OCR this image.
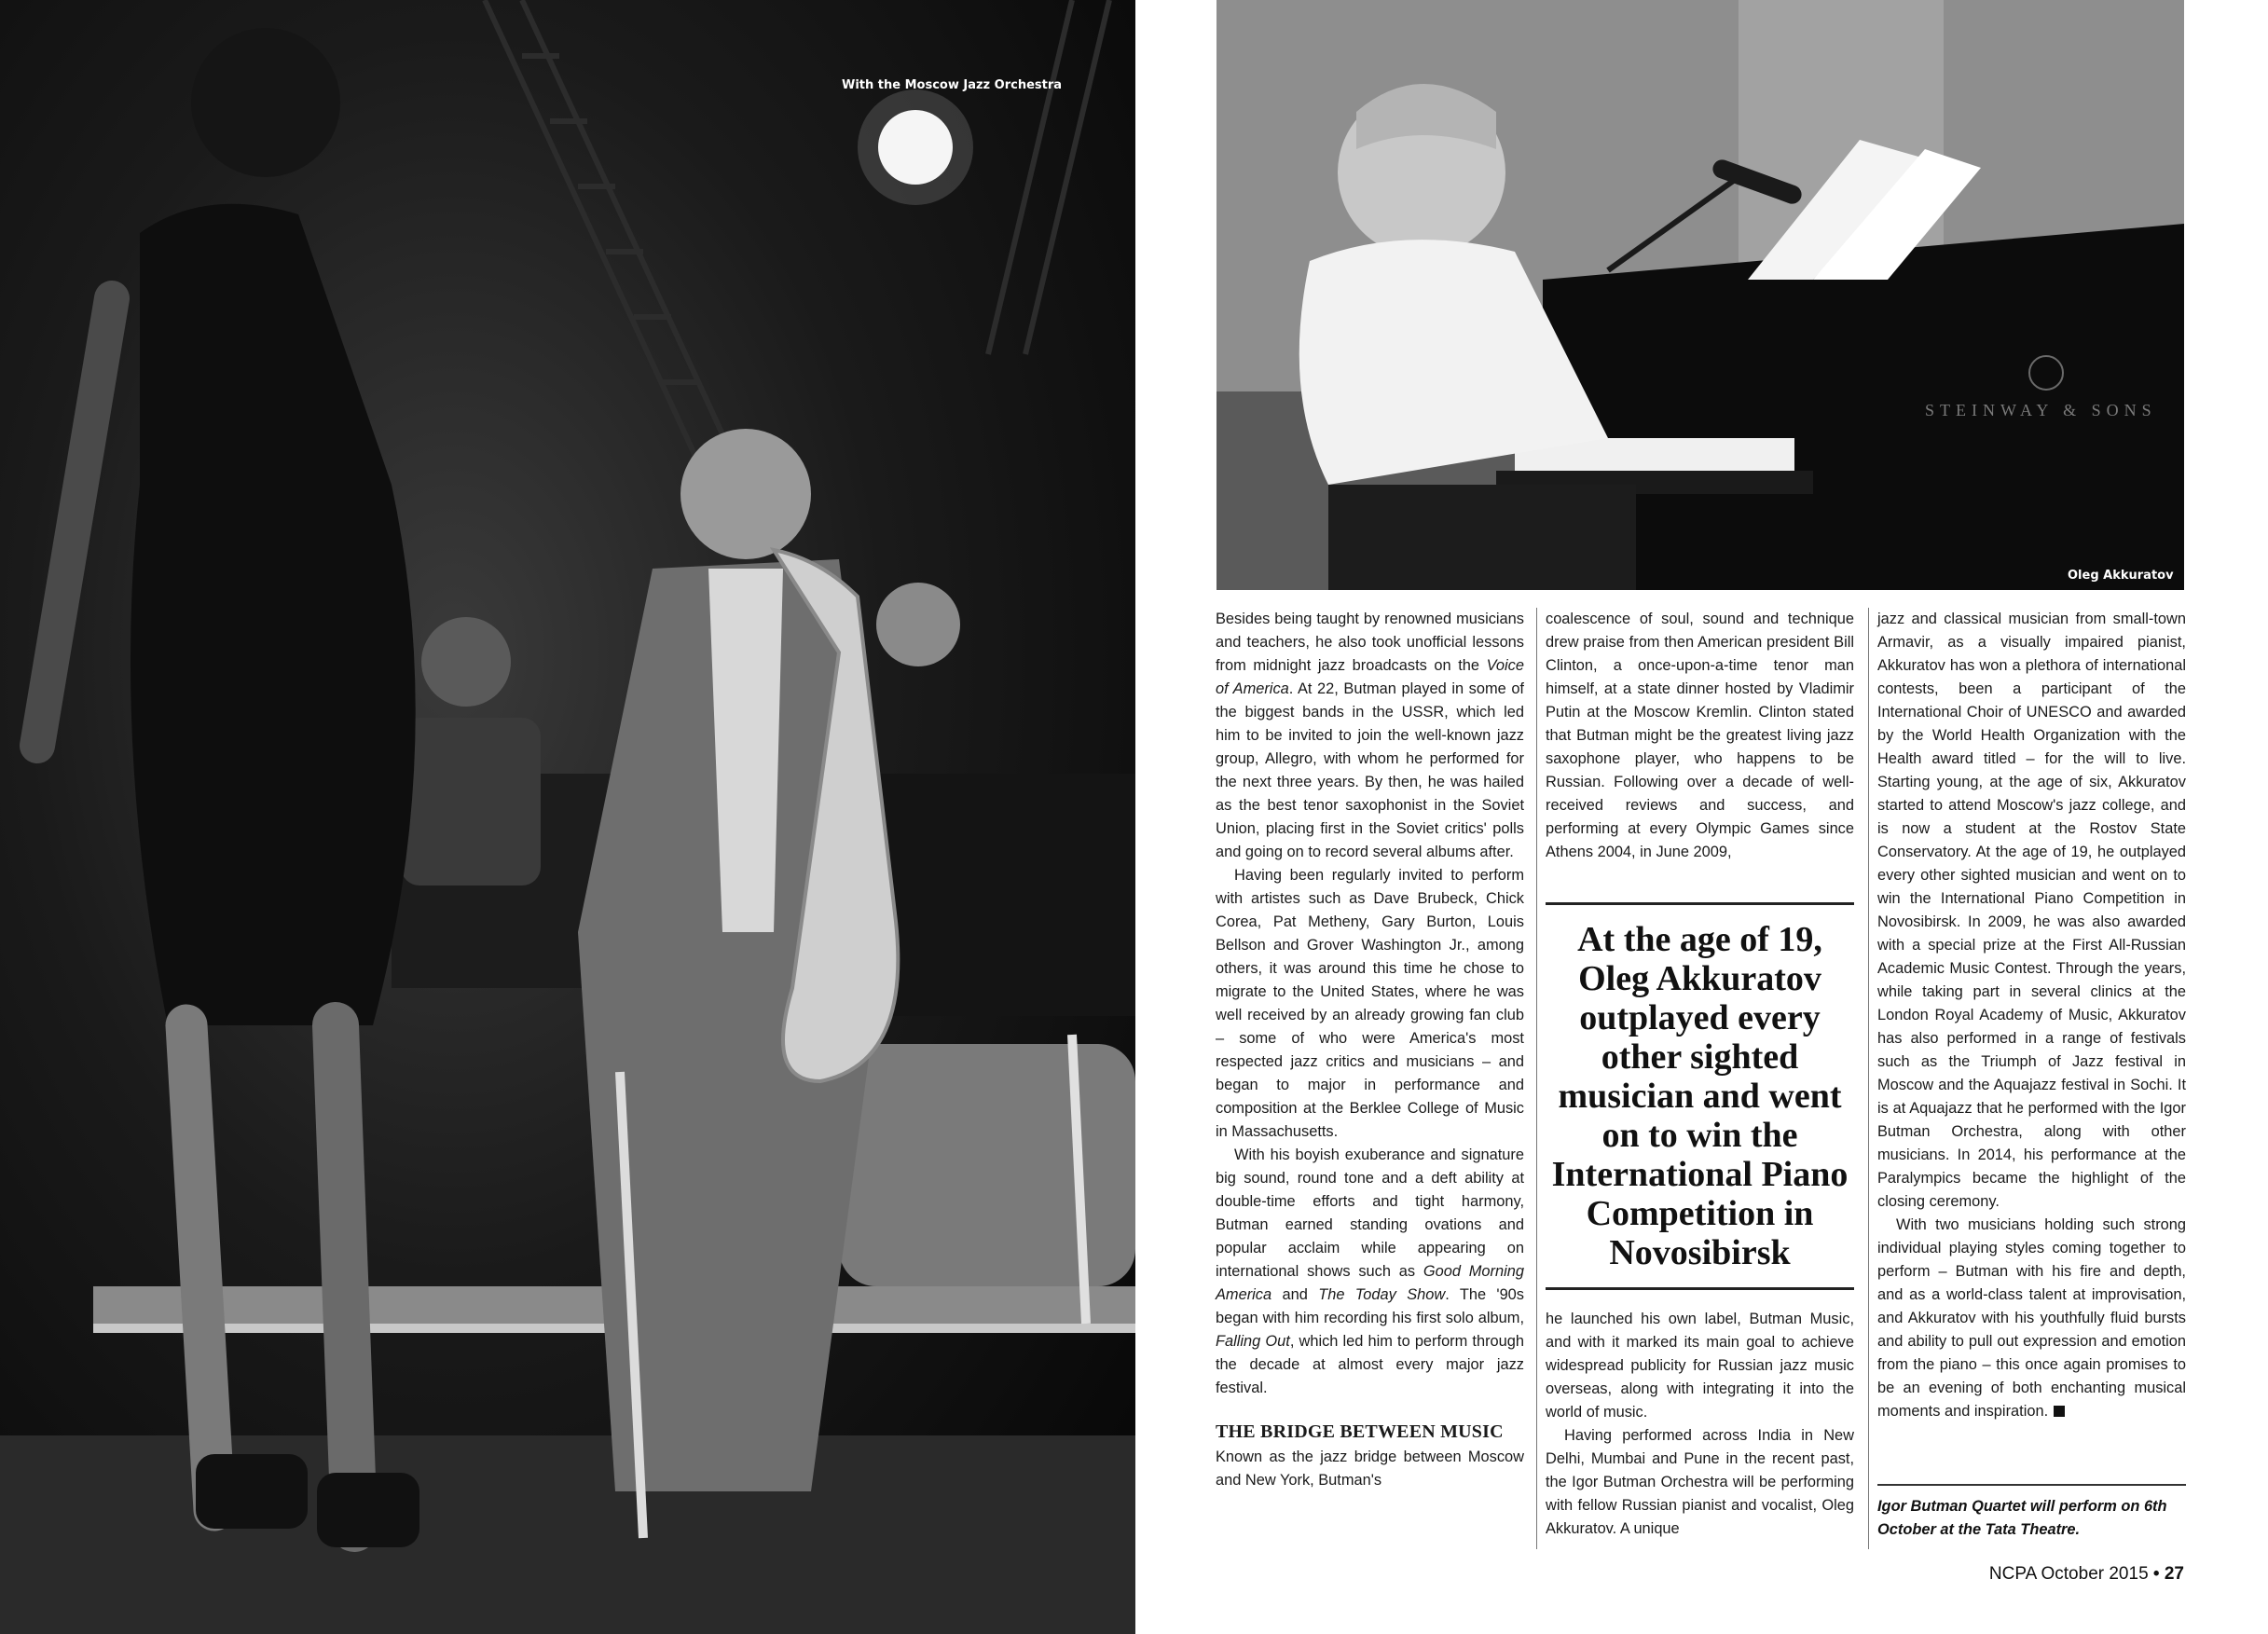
With the Moscow Jazz Orchestra
STEINWAY & SONS
Oleg Akkuratov

Besides being taught by renowned musicians and teachers, he also took unofficial lessons from midnight jazz broadcasts on the Voice of America. At 22, Butman played in some of the biggest bands in the USSR, which led him to be invited to join the well-known jazz group, Allegro, with whom he performed for the next three years. By then, he was hailed as the best tenor saxophonist in the Soviet Union, placing first in the Soviet critics' polls and going on to record several albums after.

Having been regularly invited to perform with artistes such as Dave Brubeck, Chick Corea, Pat Metheny, Gary Burton, Louis Bellson and Grover Washington Jr., among others, it was around this time he chose to migrate to the United States, where he was well received by an already growing fan club – some of who were America's most respected jazz critics and musicians – and began to major in performance and composition at the Berklee College of Music in Massachusetts.

With his boyish exuberance and signature big sound, round tone and a deft ability at double-time efforts and tight harmony, Butman earned standing ovations and popular acclaim while appearing on international shows such as Good Morning America and The Today Show. The '90s began with him recording his first solo album, Falling Out, which led him to perform through the decade at almost every major jazz festival.

THE BRIDGE BETWEEN MUSIC

Known as the jazz bridge between Moscow and New York, Butman's

coalescence of soul, sound and technique drew praise from then American president Bill Clinton, a once-upon-a-time tenor man himself, at a state dinner hosted by Vladimir Putin at the Moscow Kremlin. Clinton stated that Butman might be the greatest living jazz saxophone player, who happens to be Russian. Following over a decade of well-received reviews and success, and performing at every Olympic Games since Athens 2004, in June 2009,

At the age of 19, Oleg Akkuratov outplayed every other sighted musician and went on to win the International Piano Competition in Novosibirsk

he launched his own label, Butman Music, and with it marked its main goal to achieve widespread publicity for Russian jazz music overseas, along with integrating it into the world of music.

Having performed across India in New Delhi, Mumbai and Pune in the recent past, the Igor Butman Orchestra will be performing with fellow Russian pianist and vocalist, Oleg Akkuratov. A unique

jazz and classical musician from small-town Armavir, as a visually impaired pianist, Akkuratov has won a plethora of international contests, been a participant of the International Choir of UNESCO and awarded by the World Health Organization with the Health award titled – for the will to live. Starting young, at the age of six, Akkuratov started to attend Moscow's jazz college, and is now a student at the Rostov State Conservatory. At the age of 19, he outplayed every other sighted musician and went on to win the International Piano Competition in Novosibirsk. In 2009, he was also awarded with a special prize at the First All-Russian Academic Music Contest. Through the years, while taking part in several clinics at the London Royal Academy of Music, Akkuratov has also performed in a range of festivals such as the Triumph of Jazz festival in Moscow and the Aquajazz festival in Sochi. It is at Aquajazz that he performed with the Igor Butman Orchestra, along with other musicians. In 2014, his performance at the Paralympics became the highlight of the closing ceremony.

With two musicians holding such strong individual playing styles coming together to perform – Butman with his fire and depth, and as a world-class talent at improvisation, and Akkuratov with his youthfully fluid bursts and ability to pull out expression and emotion from the piano – this once again promises to be an evening of both enchanting musical moments and inspiration.

Igor Butman Quartet will perform on 6th October at the Tata Theatre.
NCPA October 2015 • 27
